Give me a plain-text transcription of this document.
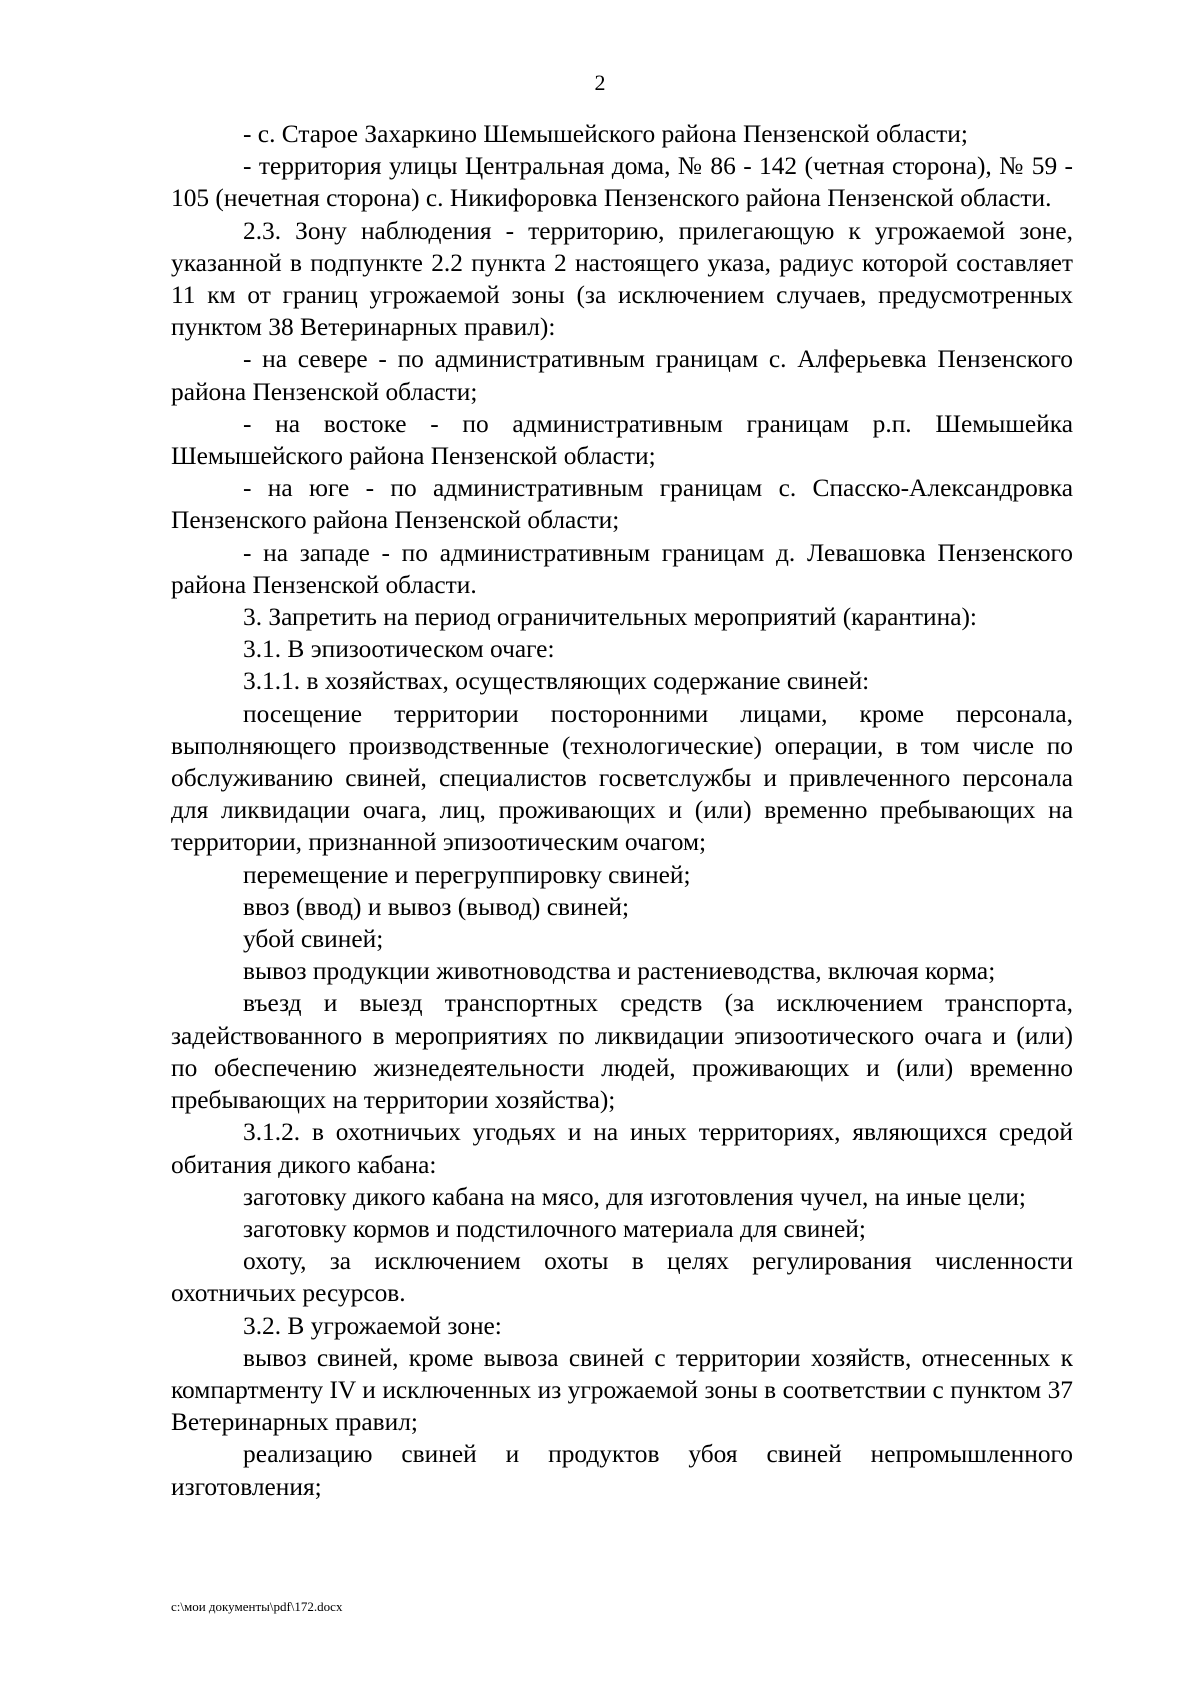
2

- с. Старое Захаркино Шемышейского района Пензенской области;

- территория улицы Центральная дома, № 86 - 142 (четная сторона), № 59 - 105 (нечетная сторона) с. Никифоровка Пензенского района Пензенской области.

2.3. Зону наблюдения - территорию, прилегающую к угрожаемой зоне, указанной в подпункте 2.2 пункта 2 настоящего указа, радиус которой составляет 11 км от границ угрожаемой зоны (за исключением случаев, предусмотренных пунктом 38 Ветеринарных правил):

- на севере - по административным границам с. Алферьевка Пензенского района Пензенской области;

- на востоке - по административным границам р.п. Шемышейка Шемышейского района Пензенской области;

- на юге - по административным границам с. Спасско-Александровка Пензенского района Пензенской области;

- на западе - по административным границам д. Левашовка Пензенского района Пензенской области.

3. Запретить на период ограничительных мероприятий (карантина):

3.1. В эпизоотическом очаге:

3.1.1. в хозяйствах, осуществляющих содержание свиней:

посещение территории посторонними лицами, кроме персонала, выполняющего производственные (технологические) операции, в том числе по обслуживанию свиней, специалистов госветслужбы и привлеченного персонала для ликвидации очага, лиц, проживающих и (или) временно пребывающих на территории, признанной эпизоотическим очагом;

перемещение и перегруппировку свиней;

ввоз (ввод) и вывоз (вывод) свиней;

убой свиней;

вывоз продукции животноводства и растениеводства, включая корма;

въезд и выезд транспортных средств (за исключением транспорта, задействованного в мероприятиях по ликвидации эпизоотического очага и (или) по обеспечению жизнедеятельности людей, проживающих и (или) временно пребывающих на территории хозяйства);

3.1.2. в охотничьих угодьях и на иных территориях, являющихся средой обитания дикого кабана:

заготовку дикого кабана на мясо, для изготовления чучел, на иные цели;

заготовку кормов и подстилочного материала для свиней;

охоту, за исключением охоты в целях регулирования численности охотничьих ресурсов.

3.2. В угрожаемой зоне:

вывоз свиней, кроме вывоза свиней с территории хозяйств, отнесенных к компартменту IV и исключенных из угрожаемой зоны в соответствии с пунктом 37 Ветеринарных правил;

реализацию свиней и продуктов убоя свиней непромышленного изготовления;

c:\мои документы\pdf\172.docx
